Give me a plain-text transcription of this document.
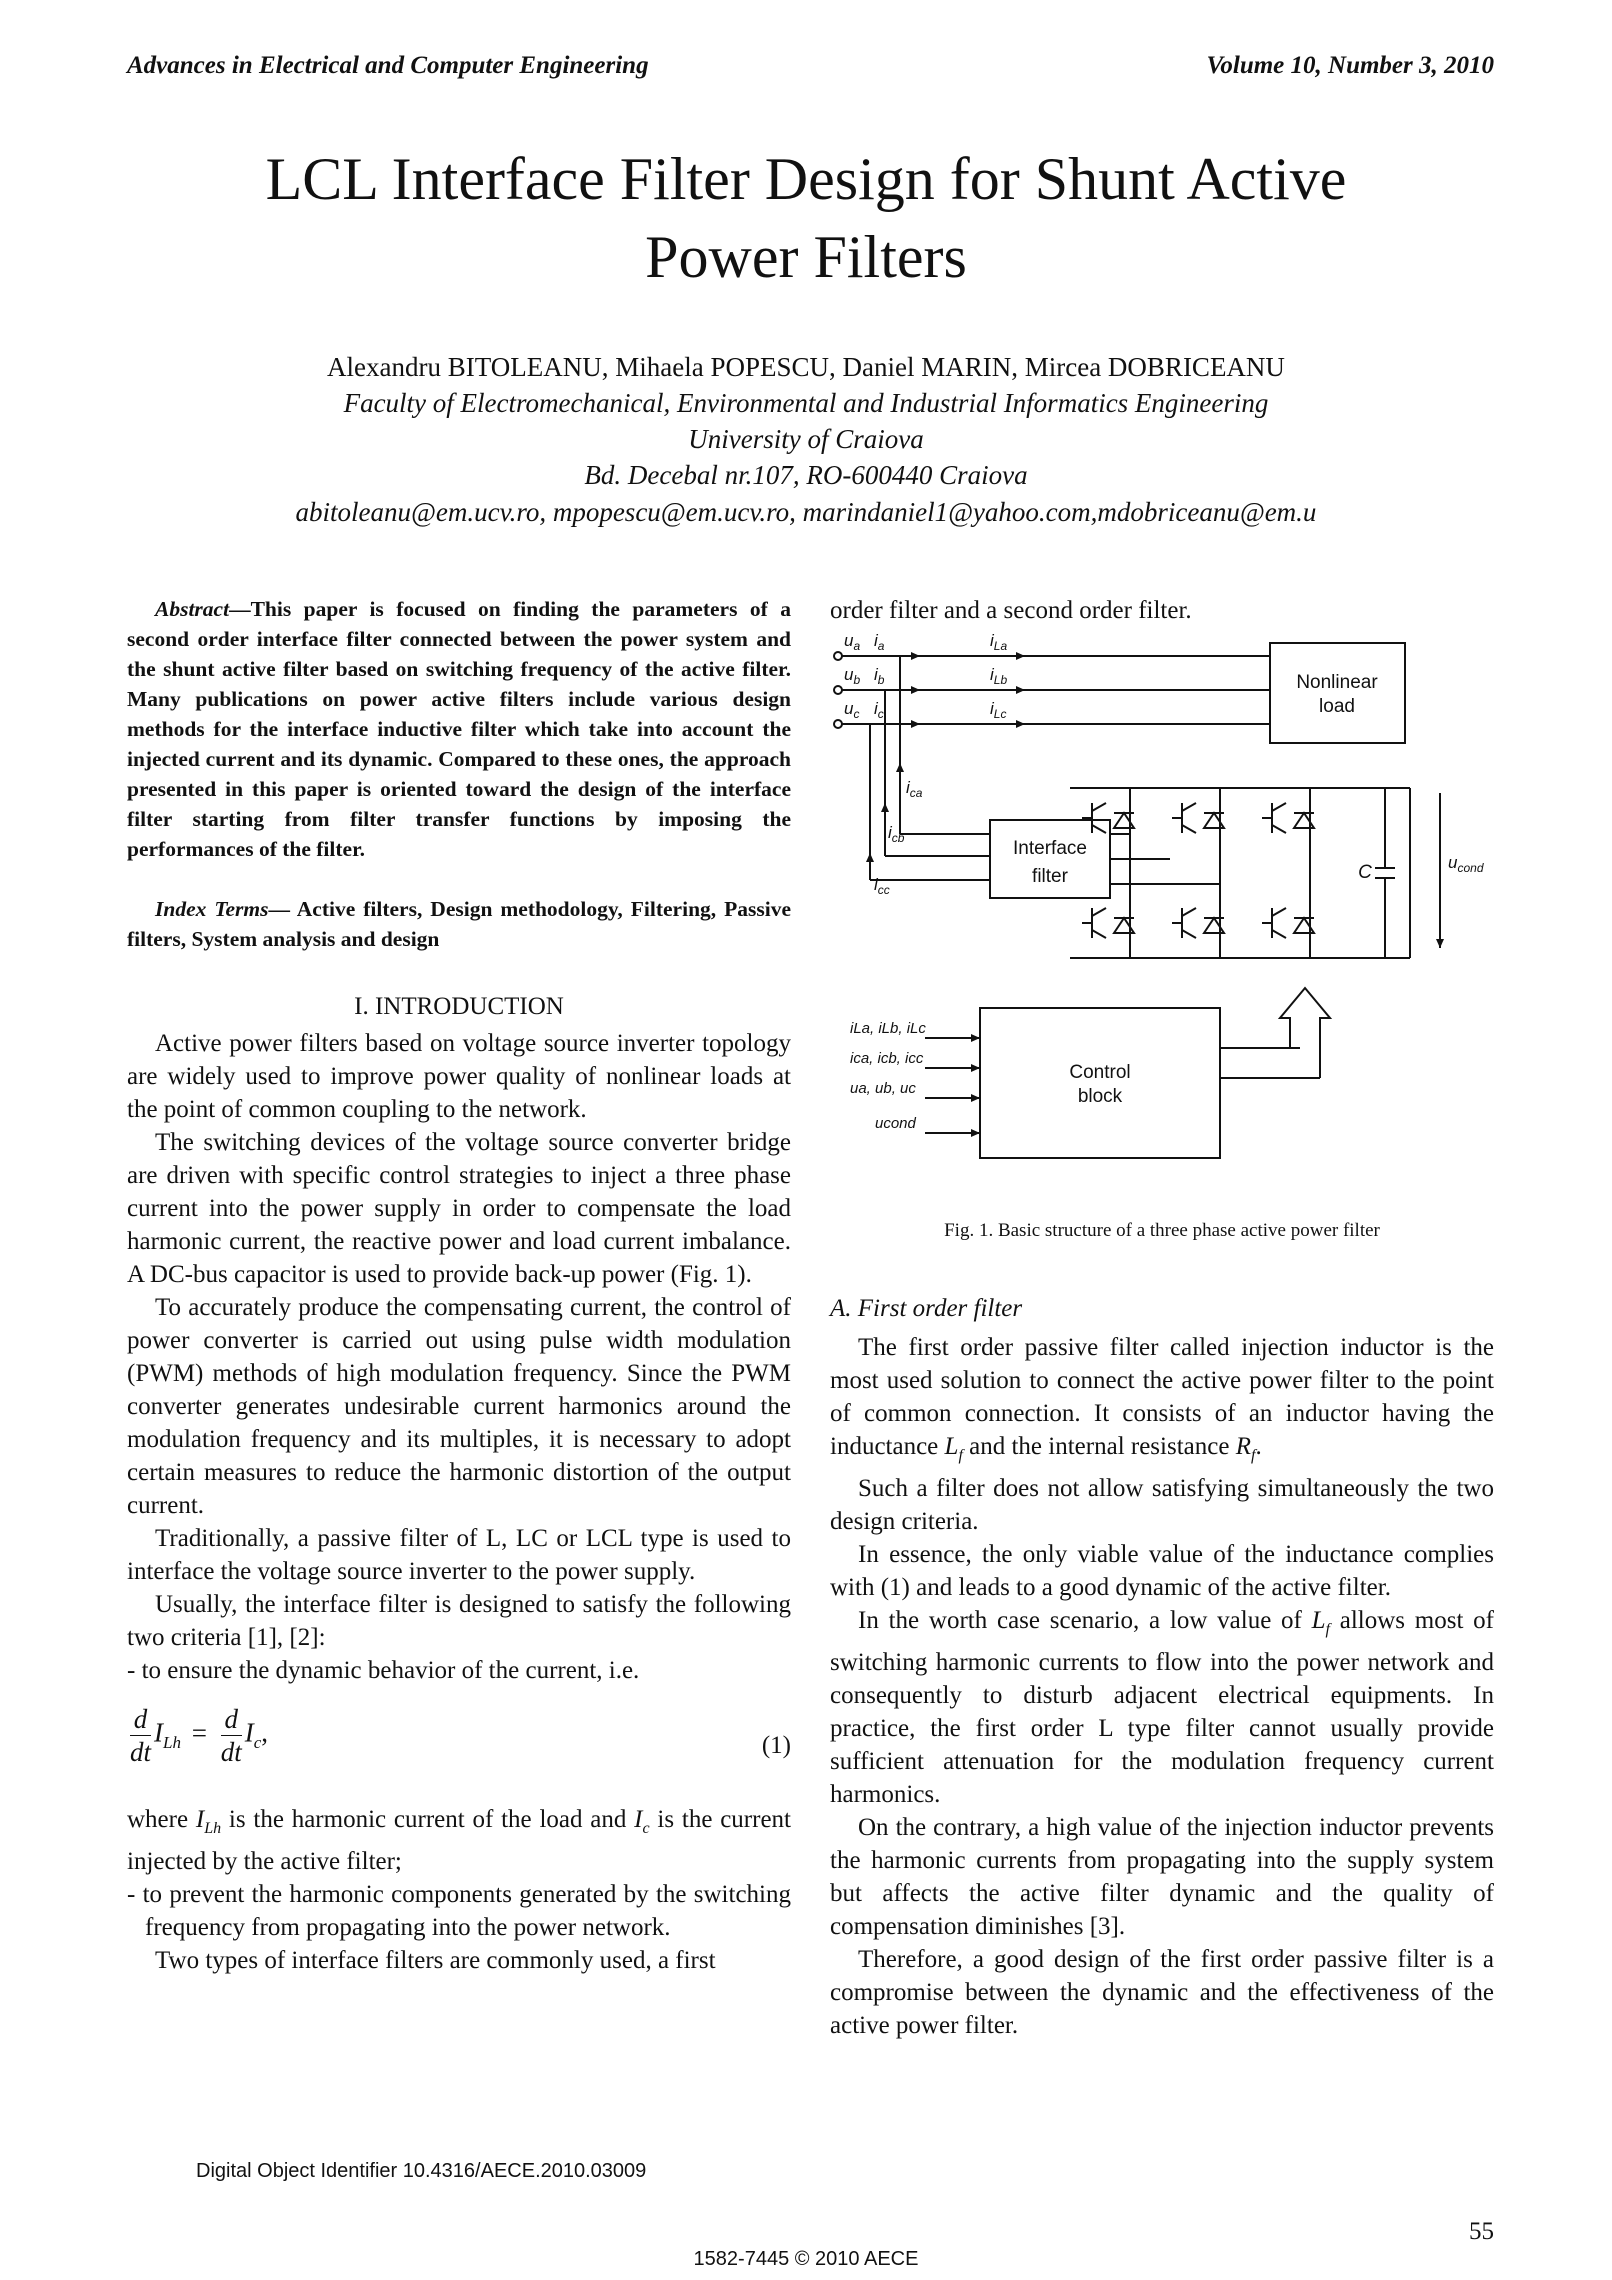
Advances in Electrical and Computer Engineering	Volume 10, Number 3, 2010
LCL Interface Filter Design for Shunt Active
Power Filters
Alexandru BITOLEANU, Mihaela POPESCU, Daniel MARIN, Mircea DOBRICEANU
Faculty of Electromechanical, Environmental and Industrial Informatics Engineering
University of Craiova
Bd. Decebal nr.107, RO-600440 Craiova
abitoleanu@em.ucv.ro, mpopescu@em.ucv.ro, marindaniel1@yahoo.com,mdobriceanu@em.u

Abstract—This paper is focused on finding the parameters of a second order interface filter connected between the power system and the shunt active filter based on switching frequency of the active filter. Many publications on power active filters include various design methods for the interface inductive filter which take into account the injected current and its dynamic. Compared to these ones, the approach presented in this paper is oriented toward the design of the interface filter starting from filter transfer functions by imposing the performances of the filter.

Index Terms— Active filters, Design methodology, Filtering, Passive filters, System analysis and design

I. INTRODUCTION

Active power filters based on voltage source inverter topology are widely used to improve power quality of nonlinear loads at the point of common coupling to the network.

The switching devices of the voltage source converter bridge are driven with specific control strategies to inject a three phase current into the power supply in order to compensate the load harmonic current, the reactive power and load current imbalance. A DC-bus capacitor is used to provide back-up power (Fig. 1).

To accurately produce the compensating current, the control of power converter is carried out using pulse width modulation (PWM) methods of high modulation frequency. Since the PWM converter generates undesirable current harmonics around the modulation frequency and its multiples, it is necessary to adopt certain measures to reduce the harmonic distortion of the output current.

Traditionally, a passive filter of L, LC or LCL type is used to interface the voltage source inverter to the power supply.

Usually, the interface filter is designed to satisfy the following two criteria [1], [2]:

- to ensure the dynamic behavior of the current, i.e.

$\frac{d}{dt} I_{Lh} = \frac{d}{dt} I_c$,	(1)

where $I_{Lh}$ is the harmonic current of the load and $I_c$ is the current injected by the active filter;

- to prevent the harmonic components generated by the switching frequency from propagating into the power network.

Two types of interface filters are commonly used, a first

order filter and a second order filter.
$u_a$
$u_b$
$u_c$
$i_a$
$i_b$
$i_c$
$i_{La}$
$i_{Lb}$
$i_{Lc}$
$i_{ca}$
$i_{cb}$
$i_{cc}$
$u_{cond}$
Nonlinear
load
Interface
filter
Control
block
C
iLa, iLb, iLc
ica, icb, icc
ua, ub, uc
ucond
Fig. 1. Basic structure of a three phase active power filter

A. First order filter

The first order passive filter called injection inductor is the most used solution to connect the active power filter to the point of common connection. It consists of an inductor having the inductance $L_f$ and the internal resistance $R_f$.

Such a filter does not allow satisfying simultaneously the two design criteria.

In essence, the only viable value of the inductance complies with (1) and leads to a good dynamic of the active filter.

In the worth case scenario, a low value of $L_f$ allows most of switching harmonic currents to flow into the power network and consequently to disturb adjacent electrical equipments. In practice, the first order L type filter cannot usually provide sufficient attenuation for the modulation frequency current harmonics.

On the contrary, a high value of the injection inductor prevents the harmonic currents from propagating into the supply system but affects the active filter dynamic and the quality of compensation diminishes [3].

Therefore, a good design of the first order passive filter is a compromise between the dynamic and the effectiveness of the active power filter.

Digital Object Identifier 10.4316/AECE.2010.03009
55
1582-7445 © 2010 AECE
